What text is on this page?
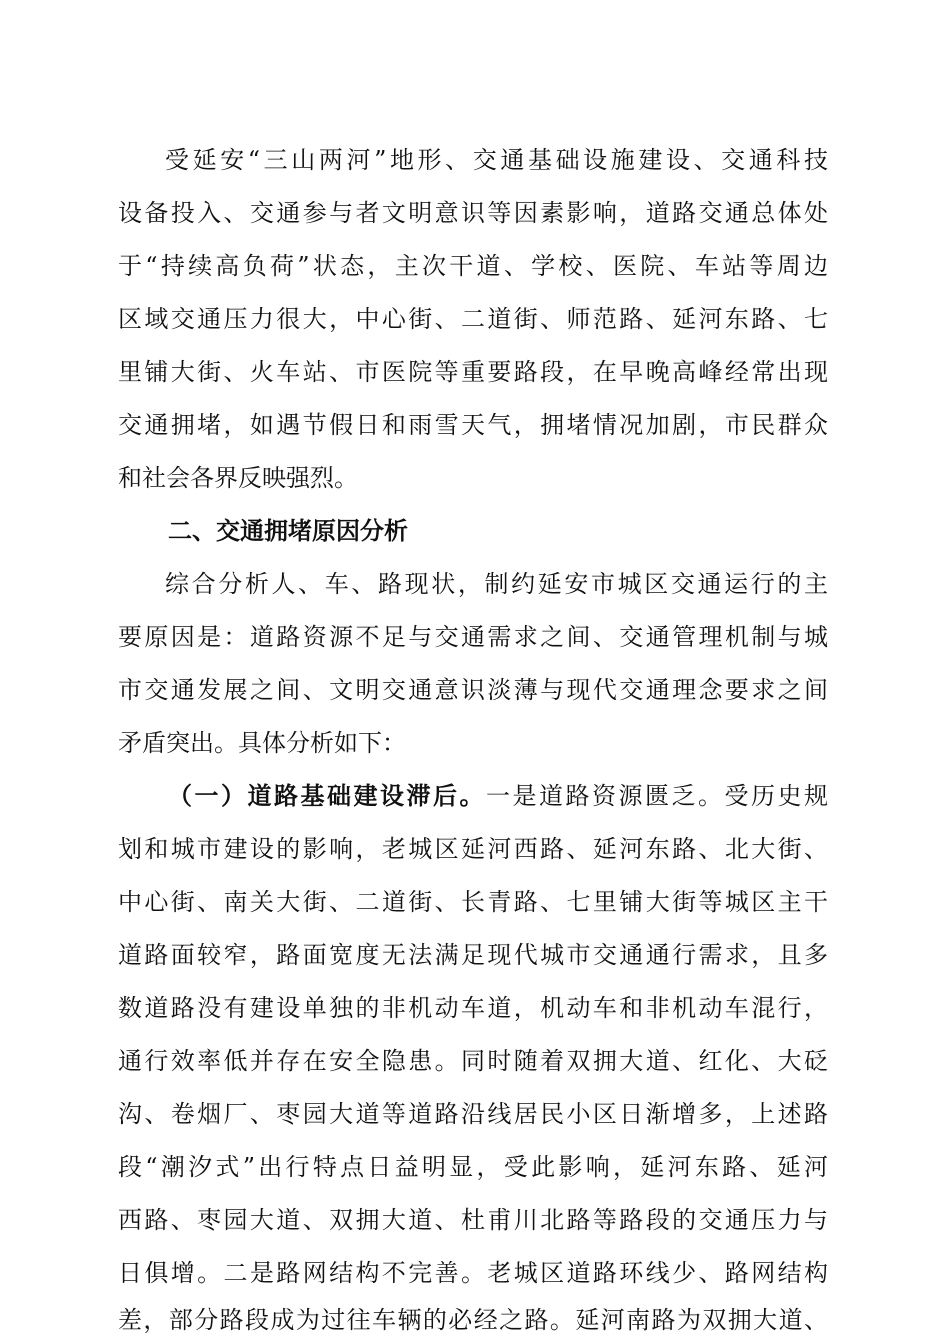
受延安“三山两河”地形、交通基础设施建设、交通科技
设备投入、交通参与者文明意识等因素影响，道路交通总体处
于“持续高负荷”状态，主次干道、学校、医院、车站等周边
区域交通压力很大，中心街、二道街、师范路、延河东路、七
里铺大街、火车站、市医院等重要路段，在早晚高峰经常出现
交通拥堵，如遇节假日和雨雪天气，拥堵情况加剧，市民群众
和社会各界反映强烈。
二、交通拥堵原因分析
综合分析人、车、路现状，制约延安市城区交通运行的主
要原因是：道路资源不足与交通需求之间、交通管理机制与城
市交通发展之间、文明交通意识淡薄与现代交通理念要求之间
矛盾突出。具体分析如下：
（一）道路基础建设滞后。一是道路资源匮乏。受历史规
划和城市建设的影响，老城区延河西路、延河东路、北大街、
中心街、南关大街、二道街、长青路、七里铺大街等城区主干
道路面较窄，路面宽度无法满足现代城市交通通行需求，且多
数道路没有建设单独的非机动车道，机动车和非机动车混行，
通行效率低并存在安全隐患。同时随着双拥大道、红化、大砭
沟、卷烟厂、枣园大道等道路沿线居民小区日渐增多，上述路
段“潮汐式”出行特点日益明显，受此影响，延河东路、延河
西路、枣园大道、双拥大道、杜甫川北路等路段的交通压力与
日俱增。二是路网结构不完善。老城区道路环线少、路网结构
差，部分路段成为过往车辆的必经之路。延河南路为双拥大道、
